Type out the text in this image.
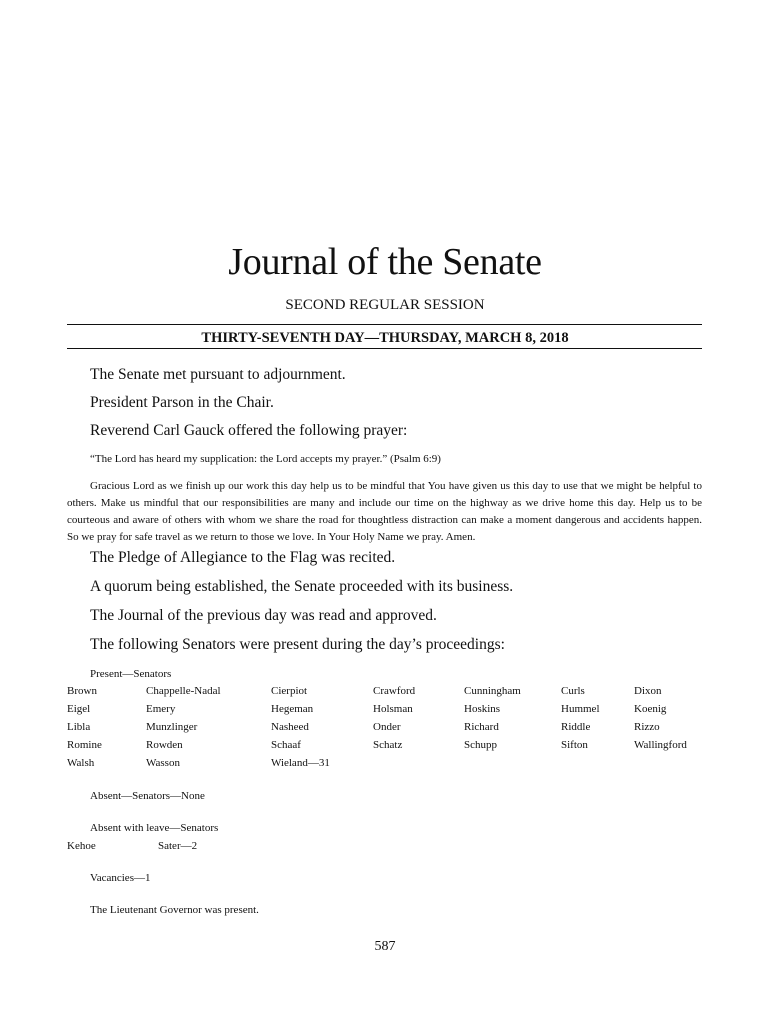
Journal of the Senate
SECOND REGULAR SESSION
THIRTY-SEVENTH DAY—THURSDAY, MARCH 8, 2018
The Senate met pursuant to adjournment.
President Parson in the Chair.
Reverend Carl Gauck offered the following prayer:
“The Lord has heard my supplication: the Lord accepts my prayer.” (Psalm 6:9)

Gracious Lord as we finish up our work this day help us to be mindful that You have given us this day to use that we might be helpful to others. Make us mindful that our responsibilities are many and include our time on the highway as we drive home this day. Help us to be courteous and aware of others with whom we share the road for thoughtless distraction can make a moment dangerous and accidents happen. So we pray for safe travel as we return to those we love. In Your Holy Name we pray. Amen.

The Pledge of Allegiance to the Flag was recited.
A quorum being established, the Senate proceeded with its business.
The Journal of the previous day was read and approved.
The following Senators were present during the day’s proceedings:
Present—Senators
Brown	Chappelle-Nadal	Cierpiot	Crawford	Cunningham	Curls	Dixon
Eigel	Emery	Hegeman	Holsman	Hoskins	Hummel	Koenig
Libla	Munzlinger	Nasheed	Onder	Richard	Riddle	Rizzo
Romine	Rowden	Schaaf	Schatz	Schupp	Sifton	Wallingford
Walsh	Wasson	Wieland—31
Absent—Senators—None
Absent with leave—Senators
Kehoe	Sater—2
Vacancies—1
The Lieutenant Governor was present.
587
